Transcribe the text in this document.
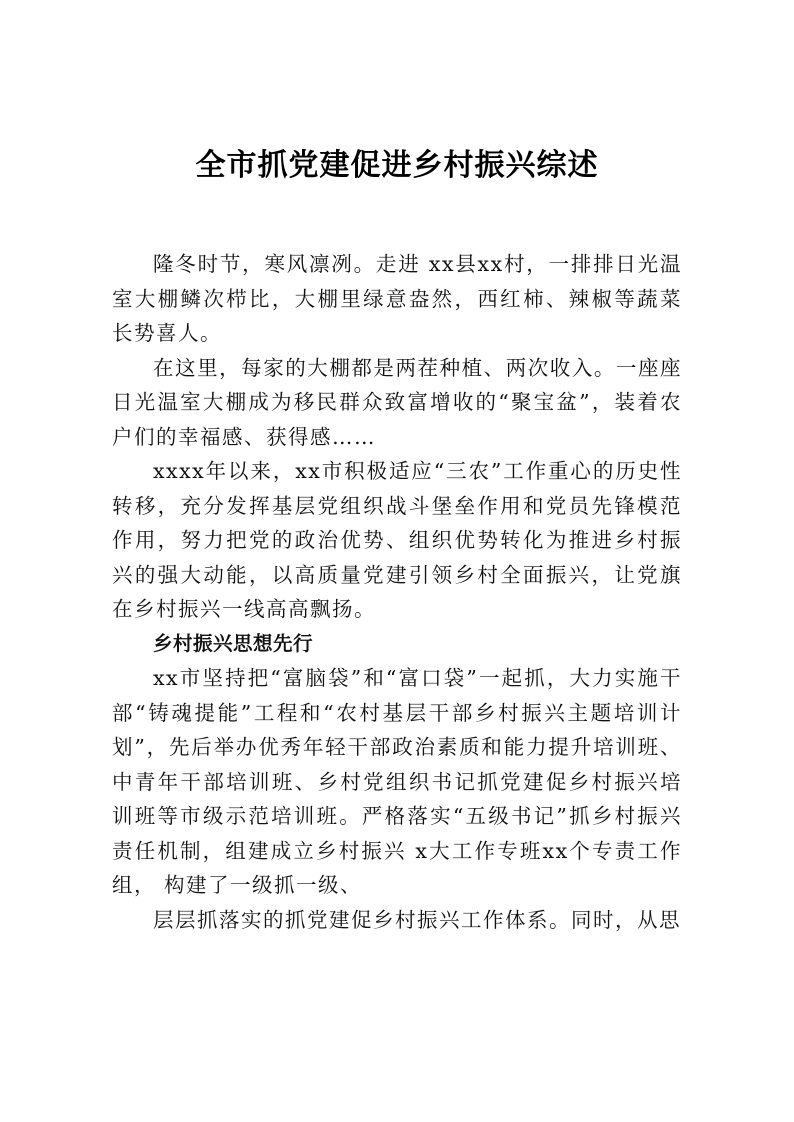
全市抓党建促进乡村振兴综述

隆冬时节，寒风凛冽。走进 xx县xx村，一排排日光温室大棚鳞次栉比，大棚里绿意盎然，西红柿、辣椒等蔬菜长势喜人。

在这里，每家的大棚都是两茬种植、两次收入。一座座日光温室大棚成为移民群众致富增收的“聚宝盆”，装着农户们的幸福感、获得感……

xxxx年以来，xx市积极适应“三农”工作重心的历史性转移，充分发挥基层党组织战斗堡垒作用和党员先锋模范作用，努力把党的政治优势、组织优势转化为推进乡村振兴的强大动能，以高质量党建引领乡村全面振兴，让党旗在乡村振兴一线高高飘扬。

乡村振兴思想先行

xx市坚持把“富脑袋”和“富口袋”一起抓，大力实施干部“铸魂提能”工程和“农村基层干部乡村振兴主题培训计划”，先后举办优秀年轻干部政治素质和能力提升培训班、中青年干部培训班、乡村党组织书记抓党建促乡村振兴培训班等市级示范培训班。严格落实“五级书记”抓乡村振兴责任机制，组建成立乡村振兴 x大工作专班xx个专责工作组， 构建了一级抓一级、

层层抓落实的抓党建促乡村振兴工作体系。同时，从思
